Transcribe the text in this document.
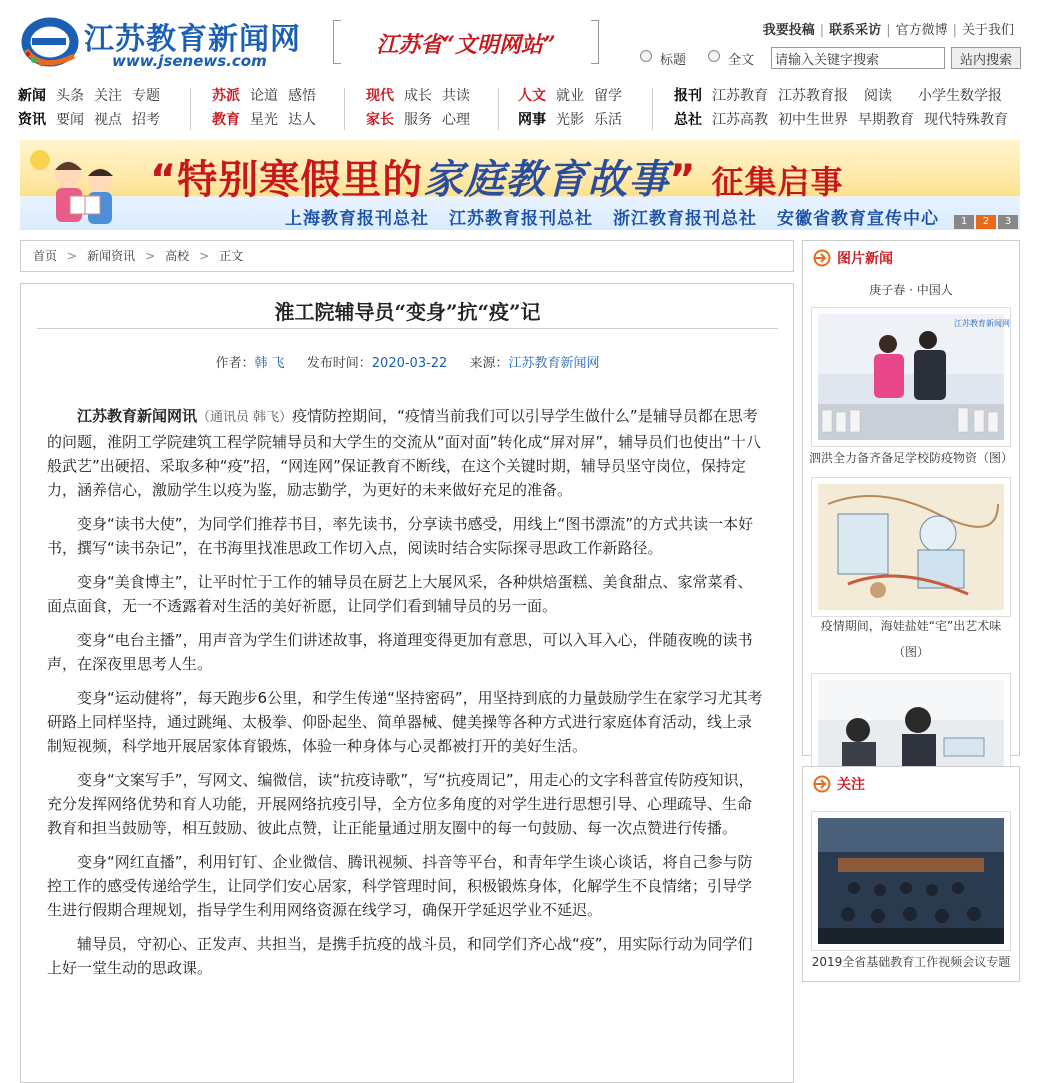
江苏教育新闻网
www.jsenews.com
江苏省“文明网站”
我要投稿 | 联系采访 | 官方微博 | 关于我们
标题	全文
请输入关键字搜索	站内搜索
新闻 头条 关注 专题
资讯 要闻 视点 招考
苏派 论道 感悟
教育 星光 达人
现代 成长 共读
家长 服务 心理
人文 就业 留学
网事 光影 乐活
报刊 江苏教育 江苏教育报 阅读 小学生数学报
总社 江苏高教 初中生世界 早期教育 现代特殊教育
“特别寒假里的家庭教育故事” 征集启事
上海教育报刊总社 江苏教育报刊总社 浙江教育报刊总社 安徽省教育宣传中心	1 2 3
首页 > 新闻资讯 > 高校 > 正文
淮工院辅导员“变身”抗“疫”记
作者：韩 飞 发布时间：2020-03-22 来源：江苏教育新闻网

江苏教育新闻网讯（通讯员 韩飞）疫情防控期间，“疫情当前我们可以引导学生做什么”是辅导员都在思考的问题，淮阴工学院建筑工程学院辅导员和大学生的交流从“面对面”转化成“屏对屏”，辅导员们也使出“十八般武艺”出硬招、采取多种“疫”招，“网连网”保证教育不断线，在这个关键时期，辅导员坚守岗位，保持定力，涵养信心，激励学生以疫为鉴，励志勤学，为更好的未来做好充足的准备。

变身“读书大使”，为同学们推荐书目，率先读书，分享读书感受，用线上“图书漂流”的方式共读一本好书，撰写“读书杂记”，在书海里找准思政工作切入点，阅读时结合实际探寻思政工作新路径。

变身“美食博主”，让平时忙于工作的辅导员在厨艺上大展风采，各种烘焙蛋糕、美食甜点、家常菜肴、面点面食，无一不透露着对生活的美好祈愿，让同学们看到辅导员的另一面。

变身“电台主播”，用声音为学生们讲述故事，将道理变得更加有意思，可以入耳入心，伴随夜晚的读书声，在深夜里思考人生。

变身“运动健将”，每天跑步6公里，和学生传递“坚持密码”，用坚持到底的力量鼓励学生在家学习尤其考研路上同样坚持，通过跳绳、太极拳、仰卧起坐、简单器械、健美操等各种方式进行家庭体育活动，线上录制短视频，科学地开展居家体育锻炼，体验一种身体与心灵都被打开的美好生活。

变身“文案写手”，写网文、编微信，读“抗疫诗歌”，写“抗疫周记”，用走心的文字科普宣传防疫知识，充分发挥网络优势和育人功能，开展网络抗疫引导，全方位多角度的对学生进行思想引导、心理疏导、生命教育和担当鼓励等，相互鼓励、彼此点赞，让正能量通过朋友圈中的每一句鼓励、每一次点赞进行传播。

变身“网红直播”，利用钉钉、企业微信、腾讯视频、抖音等平台，和青年学生谈心谈话，将自己参与防控工作的感受传递给学生，让同学们安心居家，科学管理时间，积极锻炼身体，化解学生不良情绪；引导学生进行假期合理规划，指导学生利用网络资源在线学习，确保开学延迟学业不延迟。

辅导员，守初心、正发声、共担当，是携手抗疫的战斗员，和同学们齐心战“疫”，用实际行动为同学们上好一堂生动的思政课。

图片新闻
庚子春 · 中国人
江苏教育新闻网
泗洪全力备齐备足学校防疫物资（图）
疫情期间，海娃盐娃“宅”出艺术味
（图）
关注
2019全省基础教育工作视频会议专题
